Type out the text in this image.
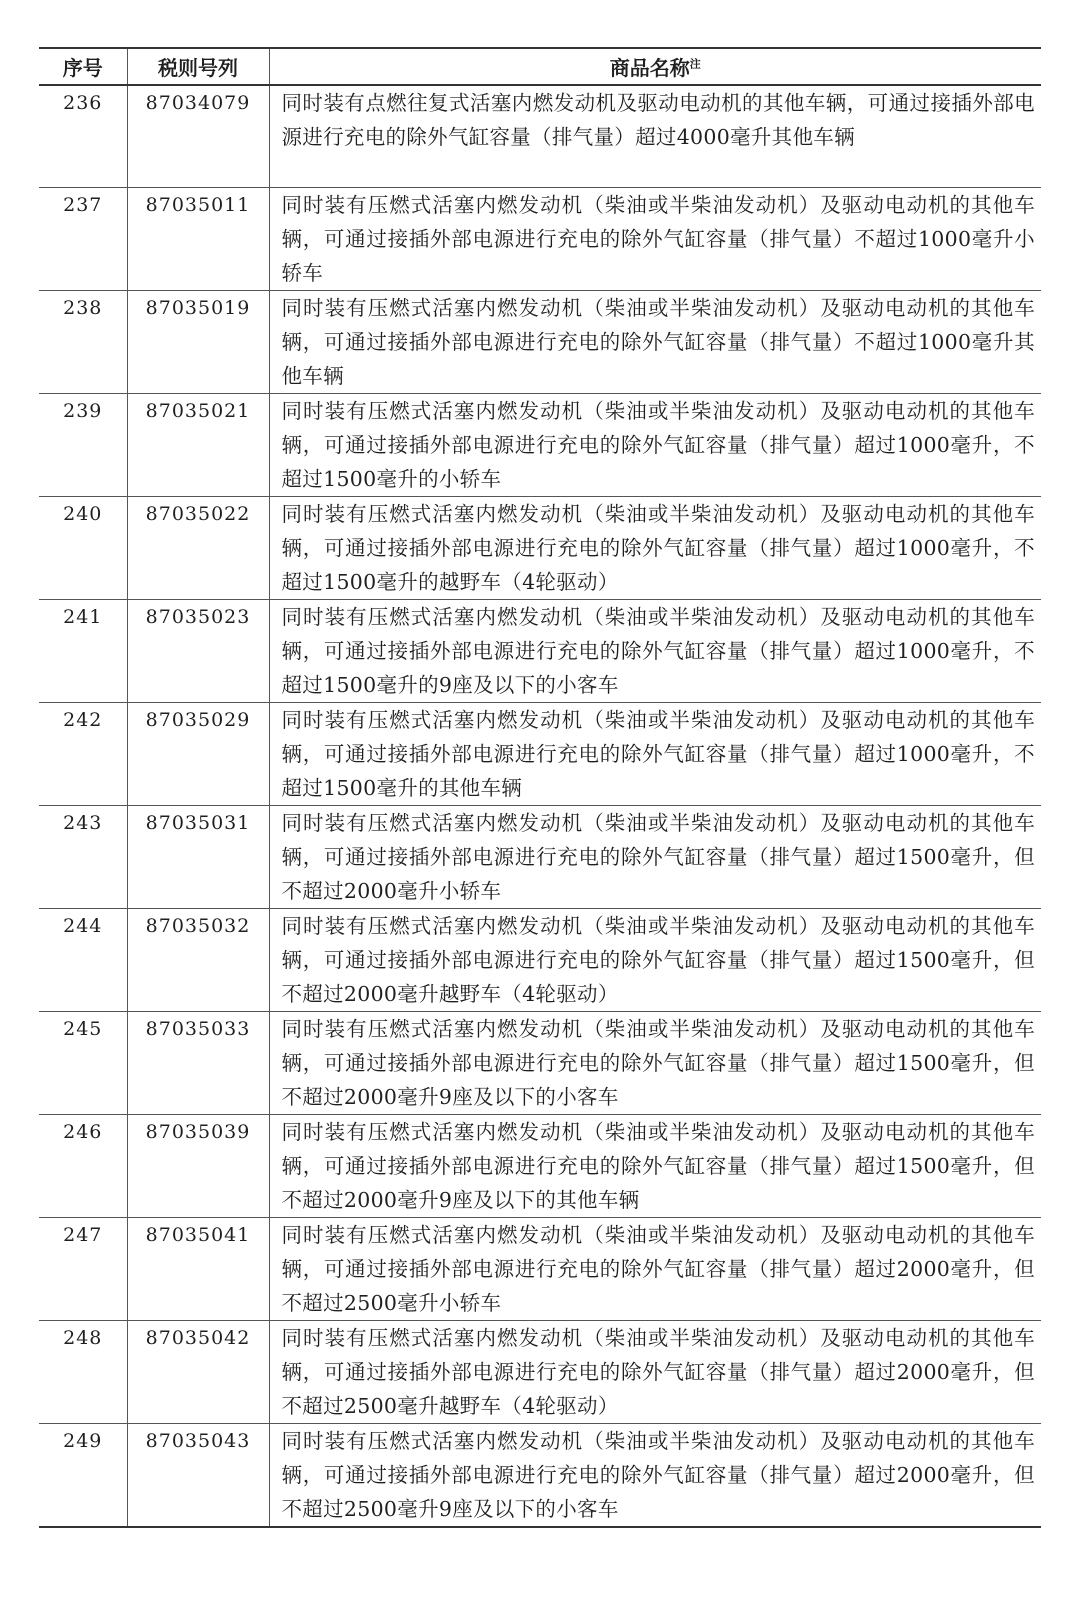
序号	税则号列	商品名称$^注$
236	87034079	同时装有点燃往复式活塞内燃发动机及驱动电动机的其他车辆，可通过接插外部电源进行充电的除外气缸容量（排气量）超过4000毫升其他车辆
237	87035011	同时装有压燃式活塞内燃发动机（柴油或半柴油发动机）及驱动电动机的其他车辆，可通过接插外部电源进行充电的除外气缸容量（排气量）不超过1000毫升小轿车
238	87035019	同时装有压燃式活塞内燃发动机（柴油或半柴油发动机）及驱动电动机的其他车辆，可通过接插外部电源进行充电的除外气缸容量（排气量）不超过1000毫升其他车辆
239	87035021	同时装有压燃式活塞内燃发动机（柴油或半柴油发动机）及驱动电动机的其他车辆，可通过接插外部电源进行充电的除外气缸容量（排气量）超过1000毫升，不超过1500毫升的小轿车
240	87035022	同时装有压燃式活塞内燃发动机（柴油或半柴油发动机）及驱动电动机的其他车辆，可通过接插外部电源进行充电的除外气缸容量（排气量）超过1000毫升，不超过1500毫升的越野车（4轮驱动）
241	87035023	同时装有压燃式活塞内燃发动机（柴油或半柴油发动机）及驱动电动机的其他车辆，可通过接插外部电源进行充电的除外气缸容量（排气量）超过1000毫升，不超过1500毫升的9座及以下的小客车
242	87035029	同时装有压燃式活塞内燃发动机（柴油或半柴油发动机）及驱动电动机的其他车辆，可通过接插外部电源进行充电的除外气缸容量（排气量）超过1000毫升，不超过1500毫升的其他车辆
243	87035031	同时装有压燃式活塞内燃发动机（柴油或半柴油发动机）及驱动电动机的其他车辆，可通过接插外部电源进行充电的除外气缸容量（排气量）超过1500毫升，但不超过2000毫升小轿车
244	87035032	同时装有压燃式活塞内燃发动机（柴油或半柴油发动机）及驱动电动机的其他车辆，可通过接插外部电源进行充电的除外气缸容量（排气量）超过1500毫升，但不超过2000毫升越野车（4轮驱动）
245	87035033	同时装有压燃式活塞内燃发动机（柴油或半柴油发动机）及驱动电动机的其他车辆，可通过接插外部电源进行充电的除外气缸容量（排气量）超过1500毫升，但不超过2000毫升9座及以下的小客车
246	87035039	同时装有压燃式活塞内燃发动机（柴油或半柴油发动机）及驱动电动机的其他车辆，可通过接插外部电源进行充电的除外气缸容量（排气量）超过1500毫升，但不超过2000毫升9座及以下的其他车辆
247	87035041	同时装有压燃式活塞内燃发动机（柴油或半柴油发动机）及驱动电动机的其他车辆，可通过接插外部电源进行充电的除外气缸容量（排气量）超过2000毫升，但不超过2500毫升小轿车
248	87035042	同时装有压燃式活塞内燃发动机（柴油或半柴油发动机）及驱动电动机的其他车辆，可通过接插外部电源进行充电的除外气缸容量（排气量）超过2000毫升，但不超过2500毫升越野车（4轮驱动）
249	87035043	同时装有压燃式活塞内燃发动机（柴油或半柴油发动机）及驱动电动机的其他车辆，可通过接插外部电源进行充电的除外气缸容量（排气量）超过2000毫升，但不超过2500毫升9座及以下的小客车
